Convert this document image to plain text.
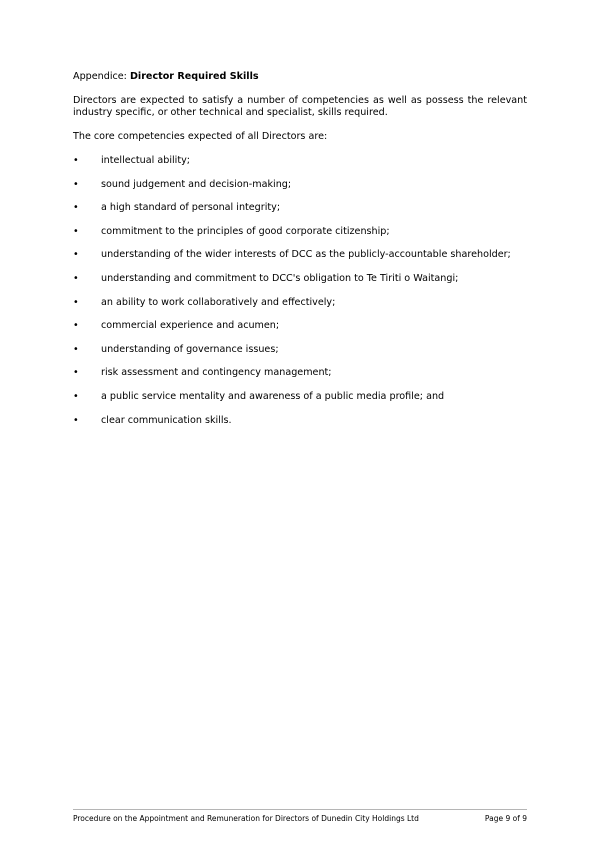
Appendice: Director Required Skills

Directors are expected to satisfy a number of competencies as well as possess the relevant industry specific, or other technical and specialist, skills required.

The core competencies expected of all Directors are:

•	intellectual ability;
•	sound judgement and decision-making;
•	a high standard of personal integrity;
•	commitment to the principles of good corporate citizenship;
•	understanding of the wider interests of DCC as the publicly-accountable shareholder;
•	understanding and commitment to DCC's obligation to Te Tiriti o Waitangi;
•	an ability to work collaboratively and effectively;
•	commercial experience and acumen;
•	understanding of governance issues;
•	risk assessment and contingency management;
•	a public service mentality and awareness of a public media profile; and
•	clear communication skills.
Procedure on the Appointment and Remuneration for Directors of Dunedin City Holdings Ltd	Page 9 of 9
